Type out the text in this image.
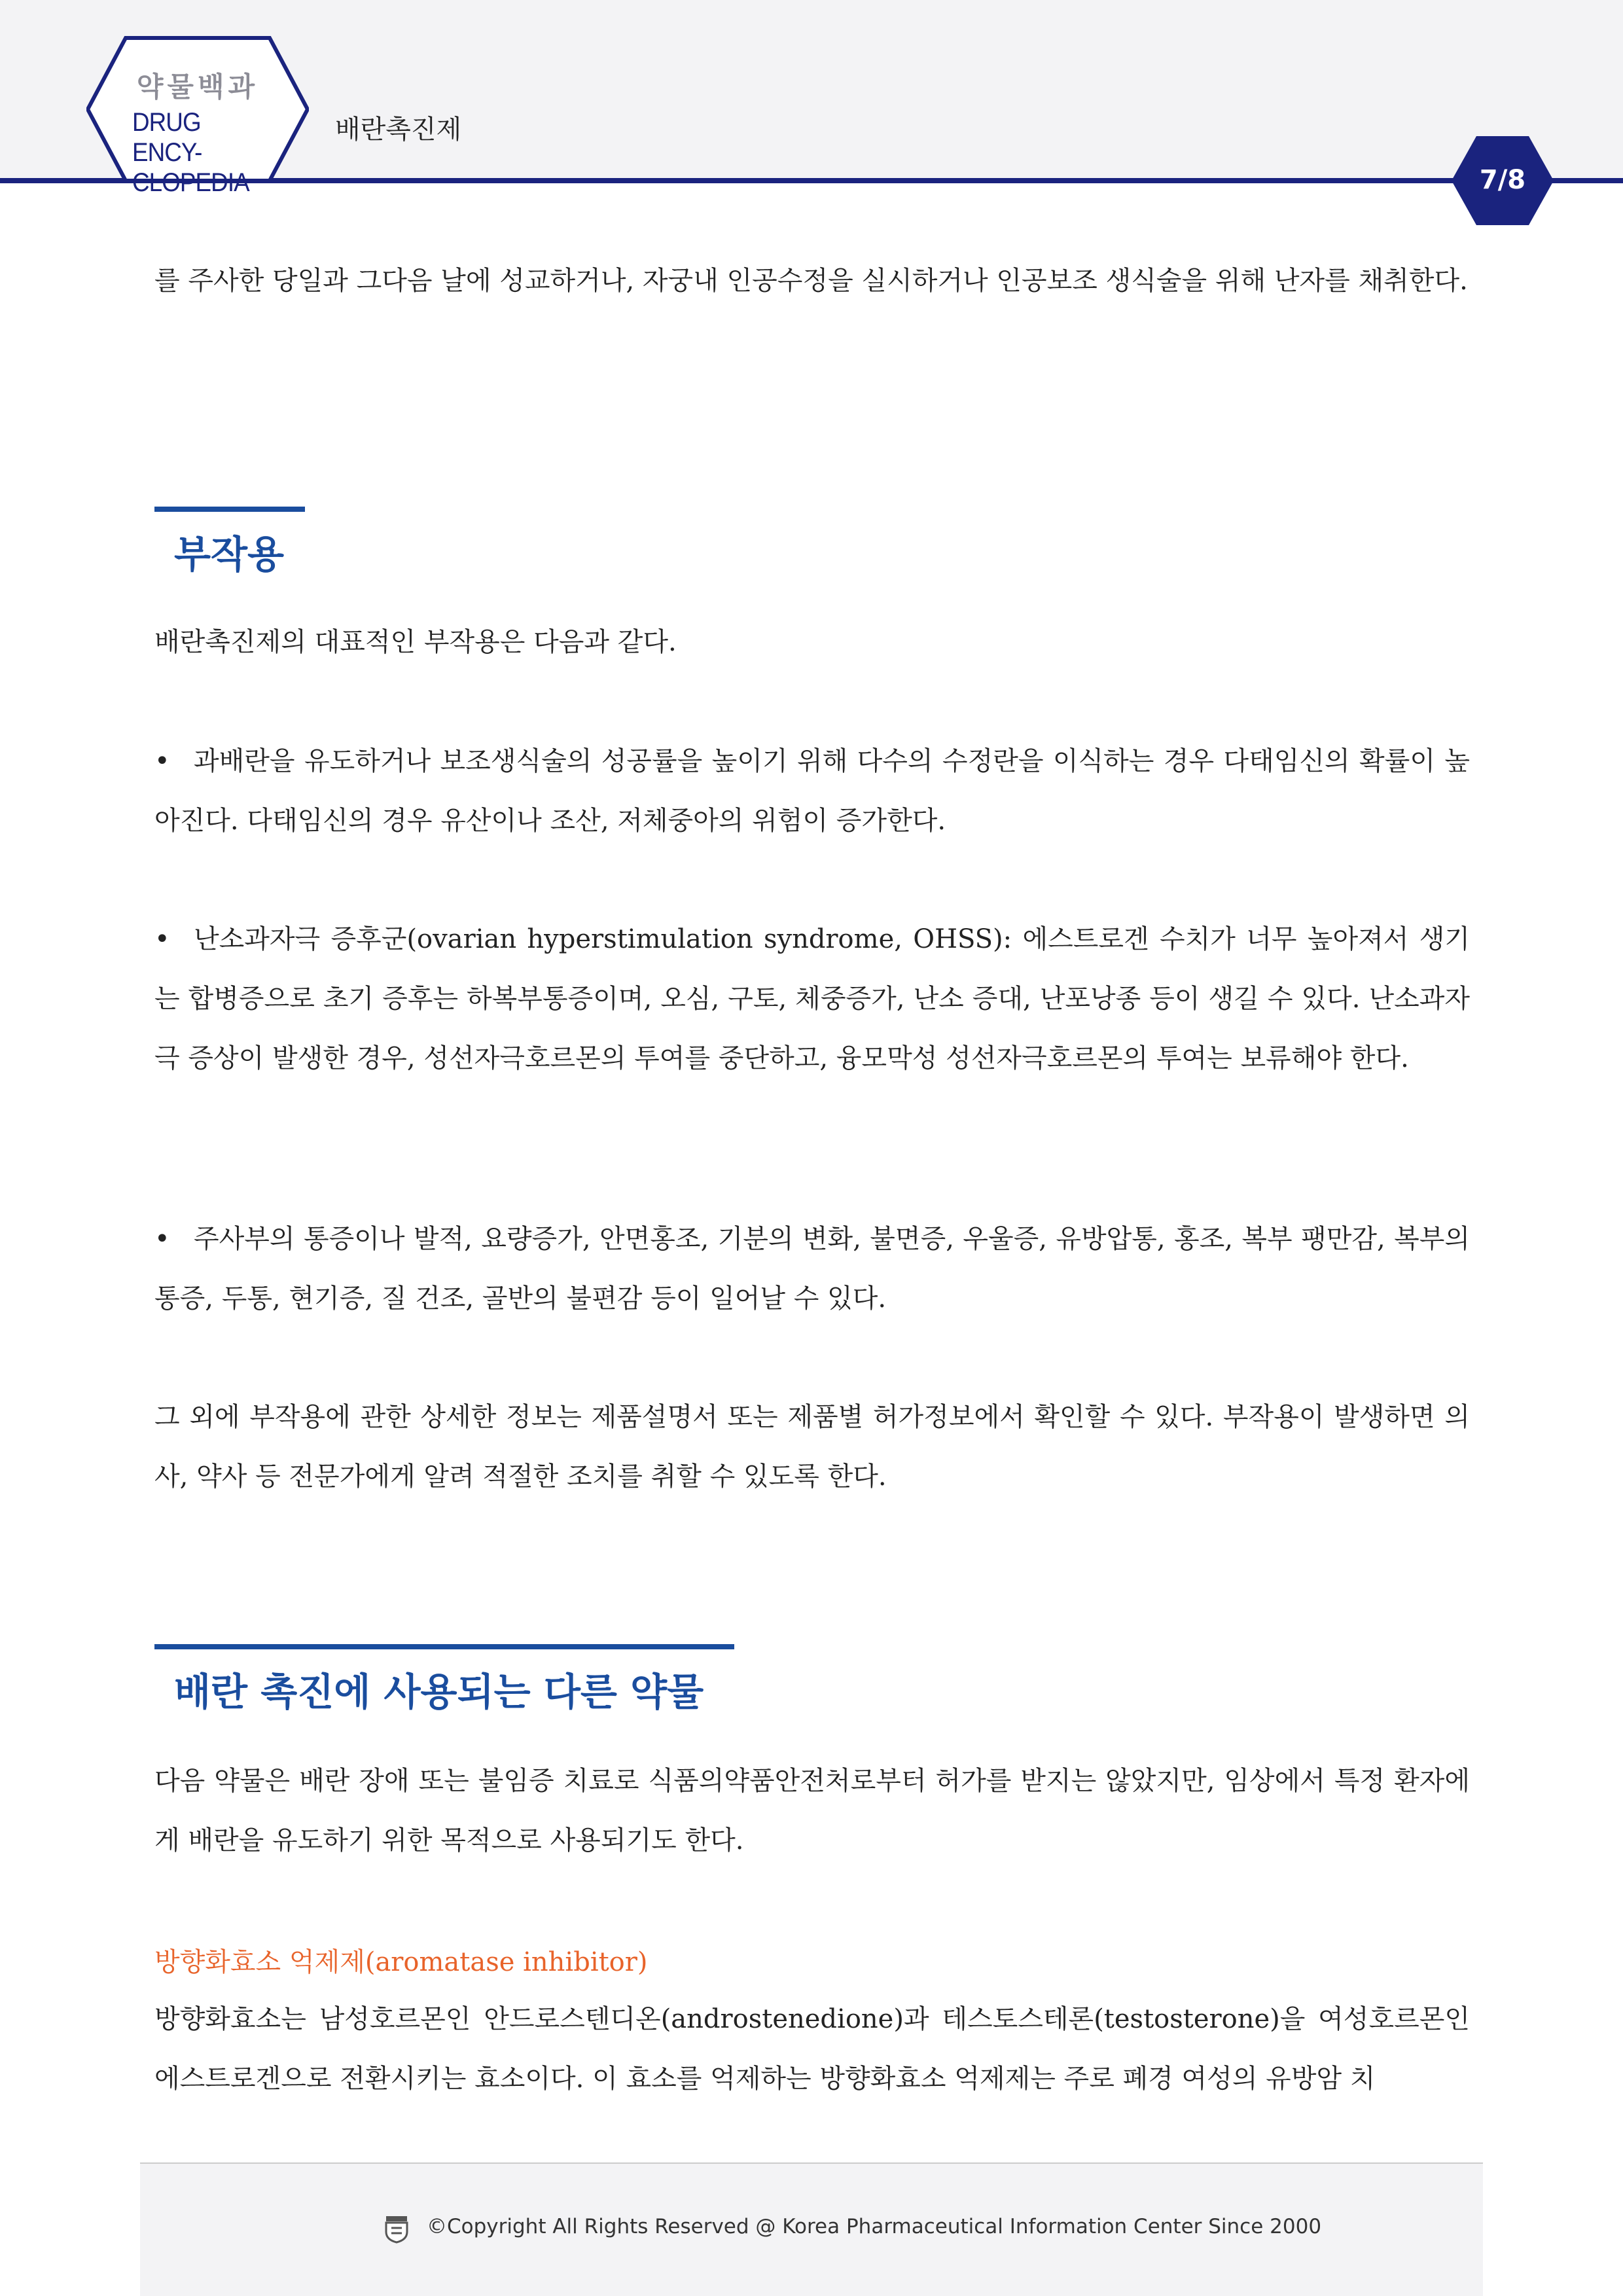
약물백과
DRUG ENCY-
CLOPEDIA
배란촉진제
7/8
를 주사한 당일과 그다음 날에 성교하거나, 자궁내 인공수정을 실시하거나 인공보조 생식술을 위해 난자를 채취한다.
부작용
배란촉진제의 대표적인 부작용은 다음과 같다.
• 과배란을 유도하거나 보조생식술의 성공률을 높이기 위해 다수의 수정란을 이식하는 경우 다태임신의 확률이 높아진다. 다태임신의 경우 유산이나 조산, 저체중아의 위험이 증가한다.
• 난소과자극 증후군(ovarian hyperstimulation syndrome, OHSS): 에스트로겐 수치가 너무 높아져서 생기는 합병증으로 초기 증후는 하복부통증이며, 오심, 구토, 체중증가, 난소 증대, 난포낭종 등이 생길 수 있다. 난소과자극 증상이 발생한 경우, 성선자극호르몬의 투여를 중단하고, 융모막성 성선자극호르몬의 투여는 보류해야 한다.
• 주사부의 통증이나 발적, 요량증가, 안면홍조, 기분의 변화, 불면증, 우울증, 유방압통, 홍조, 복부 팽만감, 복부의 통증, 두통, 현기증, 질 건조, 골반의 불편감 등이 일어날 수 있다.
그 외에 부작용에 관한 상세한 정보는 제품설명서 또는 제품별 허가정보에서 확인할 수 있다. 부작용이 발생하면 의사, 약사 등 전문가에게 알려 적절한 조치를 취할 수 있도록 한다.
배란 촉진에 사용되는 다른 약물
다음 약물은 배란 장애 또는 불임증 치료로 식품의약품안전처로부터 허가를 받지는 않았지만, 임상에서 특정 환자에게 배란을 유도하기 위한 목적으로 사용되기도 한다.
방향화효소 억제제(aromatase inhibitor)
방향화효소는 남성호르몬인 안드로스텐디온(androstenedione)과 테스토스테론(testosterone)을 여성호르몬인 에스트로겐으로 전환시키는 효소이다. 이 효소를 억제하는 방향화효소 억제제는 주로 폐경 여성의 유방암 치
©Copyright All Rights Reserved @ Korea Pharmaceutical Information Center Since 2000
